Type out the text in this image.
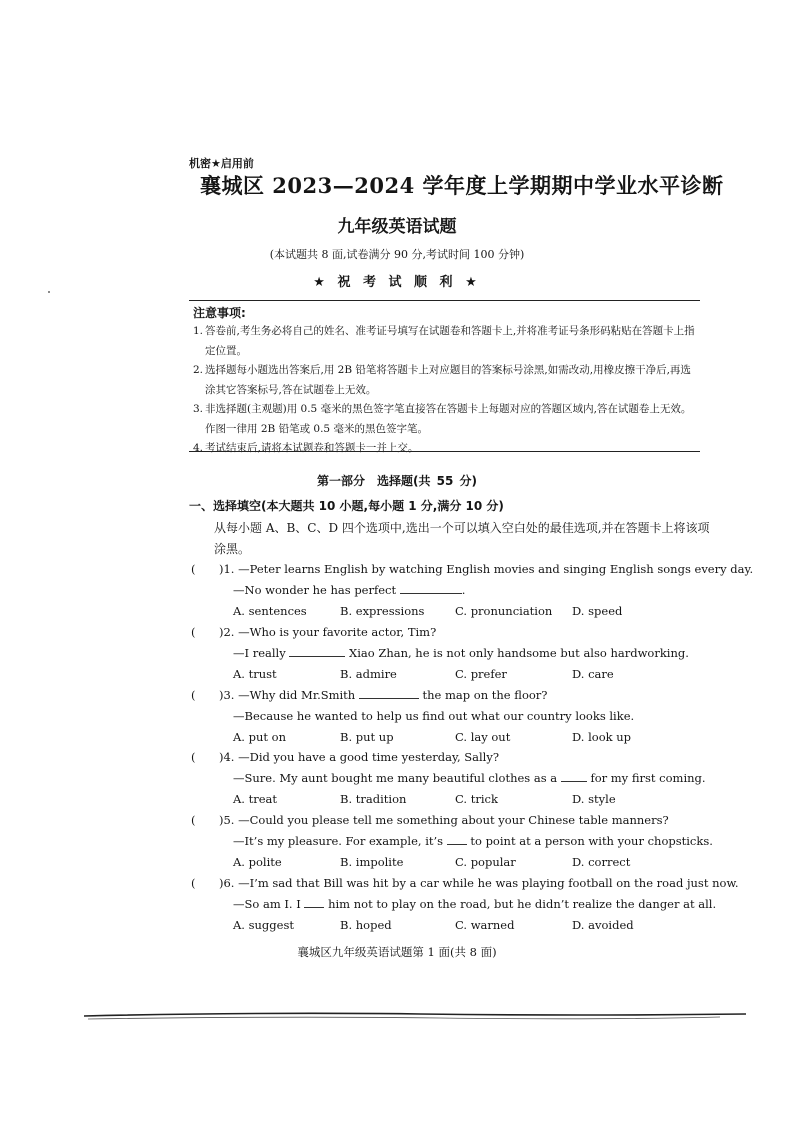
机密★启用前
襄城区 2023—2024 学年度上学期期中学业水平诊断
九年级英语试题
(本试题共 8 面,试卷满分 90 分,考试时间 100 分钟)
★ 祝 考 试 顺 利 ★
注意事项:
1. 答卷前,考生务必将自己的姓名、准考证号填写在试题卷和答题卡上,并将准考证号条形码粘贴在答题卡上指定位置。
2. 选择题每小题选出答案后,用 2B 铅笔将答题卡上对应题目的答案标号涂黑,如需改动,用橡皮擦干净后,再选涂其它答案标号,答在试题卷上无效。
3. 非选择题(主观题)用 0.5 毫米的黑色签字笔直接答在答题卡上每题对应的答题区域内,答在试题卷上无效。作图一律用 2B 铅笔或 0.5 毫米的黑色签字笔。
4. 考试结束后,请将本试题卷和答题卡一并上交。
第一部分　选择题(共 55 分)
一、选择填空(本大题共 10 小题,每小题 1 分,满分 10 分)
从每小题 A、B、C、D 四个选项中,选出一个可以填入空白处的最佳选项,并在答题卡上将该项涂黑。
( )1. —Peter learns English by watching English movies and singing English songs every day.
—No wonder he has perfect	.
A. sentences	B. expressions	C. pronunciation D. speed
( )2. —Who is your favorite actor, Tim?
—I really	Xiao Zhan, he is not only handsome but also hardworking.
A. trust	B. admire	C. prefer	D. care
( )3. —Why did Mr.Smith	the map on the floor?
—Because he wanted to help us find out what our country looks like.
A. put on	B. put up	C. lay out	D. look up
( )4. —Did you have a good time yesterday, Sally?
—Sure. My aunt bought me many beautiful clothes as a	for my first coming.
A. treat	B. tradition	C. trick	D. style
( )5. —Could you please tell me something about your Chinese table manners?
—It’s my pleasure. For example, it’s to point at a person with your chopsticks.
A. polite	B. impolite	C. popular	D. correct
( )6. —I’m sad that Bill was hit by a car while he was playing football on the road just now.
—So am I. I him not to play on the road, but he didn’t realize the danger at all.
A. suggest	B. hoped	C. warned	D. avoided
襄城区九年级英语试题第 1 面(共 8 面)
